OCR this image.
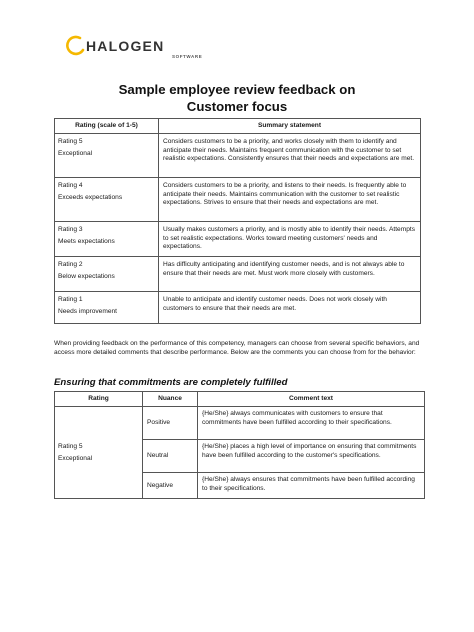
HALOGEN
SOFTWARE
Sample employee review feedback on
Customer focus
Rating (scale of 1-5)	Summary statement

Rating 5
Exceptional	Considers customers to be a priority, and works closely with them to identify and anticipate their needs. Maintains frequent communication with the customer to set realistic expectations. Consistently ensures that their needs and expectations are met.

Rating 4
Exceeds expectations	Considers customers to be a priority, and listens to their needs. Is frequently able to anticipate their needs. Maintains communication with the customer to set realistic expectations. Strives to ensure that their needs and expectations are met.

Rating 3
Meets expectations	Usually makes customers a priority, and is mostly able to identify their needs. Attempts to set realistic expectations. Works toward meeting customers' needs and expectations.

Rating 2
Below expectations	Has difficulty anticipating and identifying customer needs, and is not always able to ensure that their needs are met. Must work more closely with customers.

Rating 1
Needs improvement	Unable to anticipate and identify customer needs. Does not work closely with customers to ensure that their needs are met.
When providing feedback on the performance of this competency, managers can choose from several specific behaviors, and access more detailed comments that describe performance. Below are the comments you can choose from for the behavior:
Ensuring that commitments are completely fulfilled
Rating	Nuance	Comment text

Rating 5
Exceptional	Positive	{He/She} always communicates with customers to ensure that commitments have been fulfilled according to their specifications.
	Neutral	{He/She} places a high level of importance on ensuring that commitments have been fulfilled according to the customer's specifications.
	Negative	{He/She} always ensures that commitments have been fulfilled according to their specifications.
